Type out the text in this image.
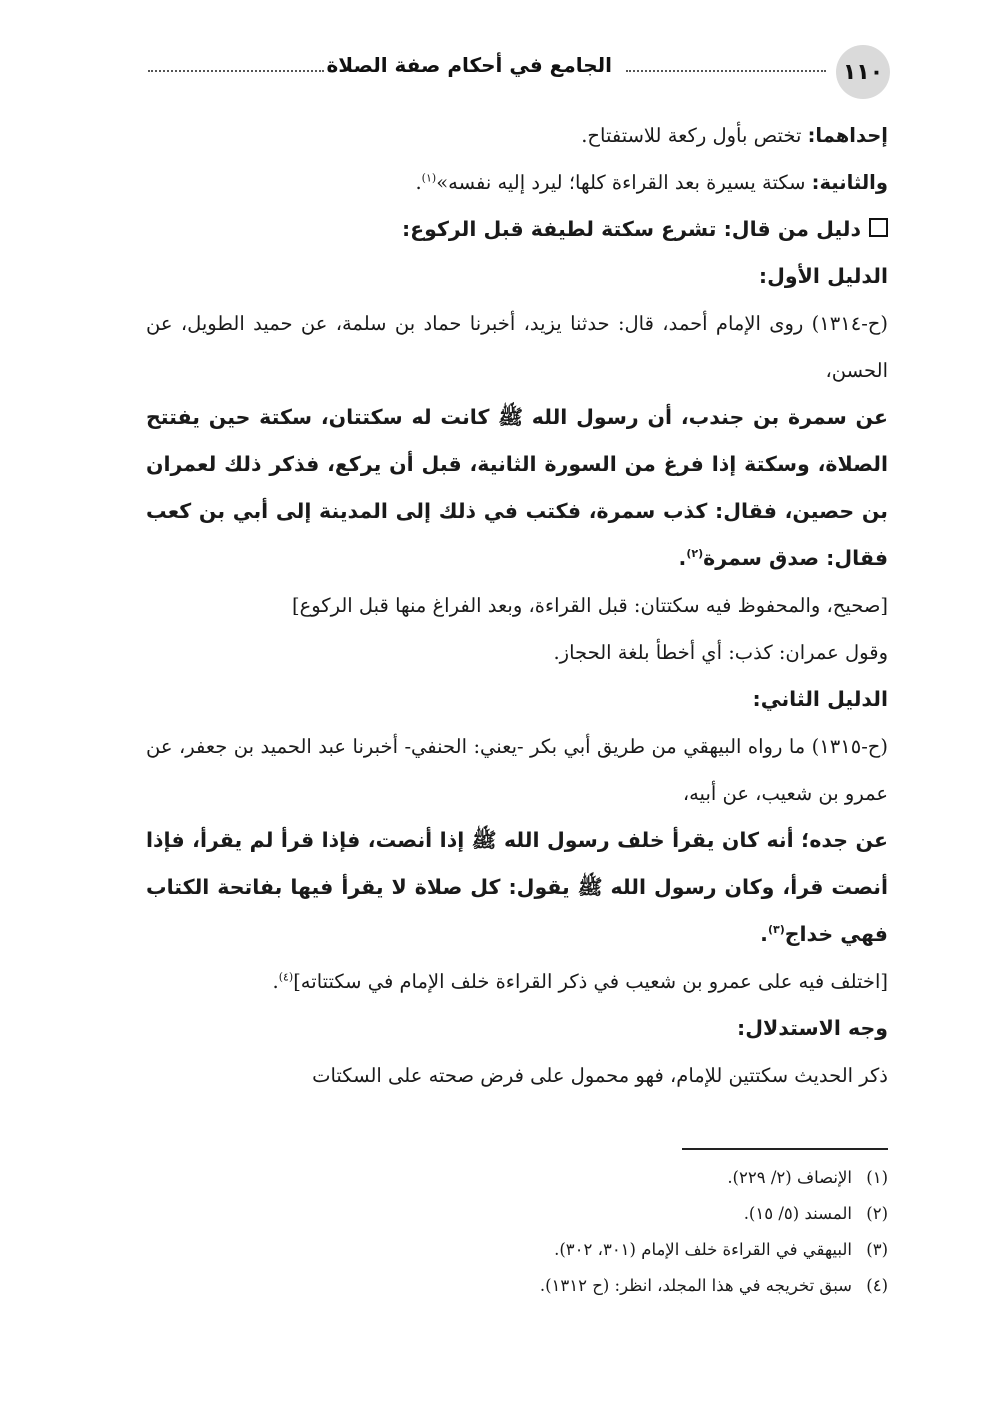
١١٠
الجامع في أحكام صفة الصلاة

إحداهما: تختص بأول ركعة للاستفتاح.

والثانية: سكتة يسيرة بعد القراءة كلها؛ ليرد إليه نفسه»$^{(١)}$.

دليل من قال: تشرع سكتة لطيفة قبل الركوع:

الدليل الأول:

(ح-١٣١٤) روى الإمام أحمد، قال: حدثنا يزيد، أخبرنا حماد بن سلمة، عن حميد الطويل، عن الحسن،

عن سمرة بن جندب، أن رسول الله ﷺ كانت له سكتتان، سكتة حين يفتتح الصلاة، وسكتة إذا فرغ من السورة الثانية، قبل أن يركع، فذكر ذلك لعمران بن حصين، فقال: كذب سمرة، فكتب في ذلك إلى المدينة إلى أبي بن كعب فقال: صدق سمرة$^{(٢)}$.

[صحيح، والمحفوظ فيه سكتتان: قبل القراءة، وبعد الفراغ منها قبل الركوع]

وقول عمران: كذب: أي أخطأ بلغة الحجاز.

الدليل الثاني:

(ح-١٣١٥) ما رواه البيهقي من طريق أبي بكر -يعني: الحنفي- أخبرنا عبد الحميد بن جعفر، عن عمرو بن شعيب، عن أبيه،

عن جده؛ أنه كان يقرأ خلف رسول الله ﷺ إذا أنصت، فإذا قرأ لم يقرأ، فإذا أنصت قرأ، وكان رسول الله ﷺ يقول: كل صلاة لا يقرأ فيها بفاتحة الكتاب فهي خداج$^{(٣)}$.

[اختلف فيه على عمرو بن شعيب في ذكر القراءة خلف الإمام في سكتتاته]$^{(٤)}$.

وجه الاستدلال:

ذكر الحديث سكتتين للإمام، فهو محمول على فرض صحته على السكتات

(١)الإنصاف (٢/ ٢٢٩).

(٢)المسند (٥/ ١٥).

(٣)البيهقي في القراءة خلف الإمام (٣٠١، ٣٠٢).

(٤)سبق تخريجه في هذا المجلد، انظر: (ح ١٣١٢).
